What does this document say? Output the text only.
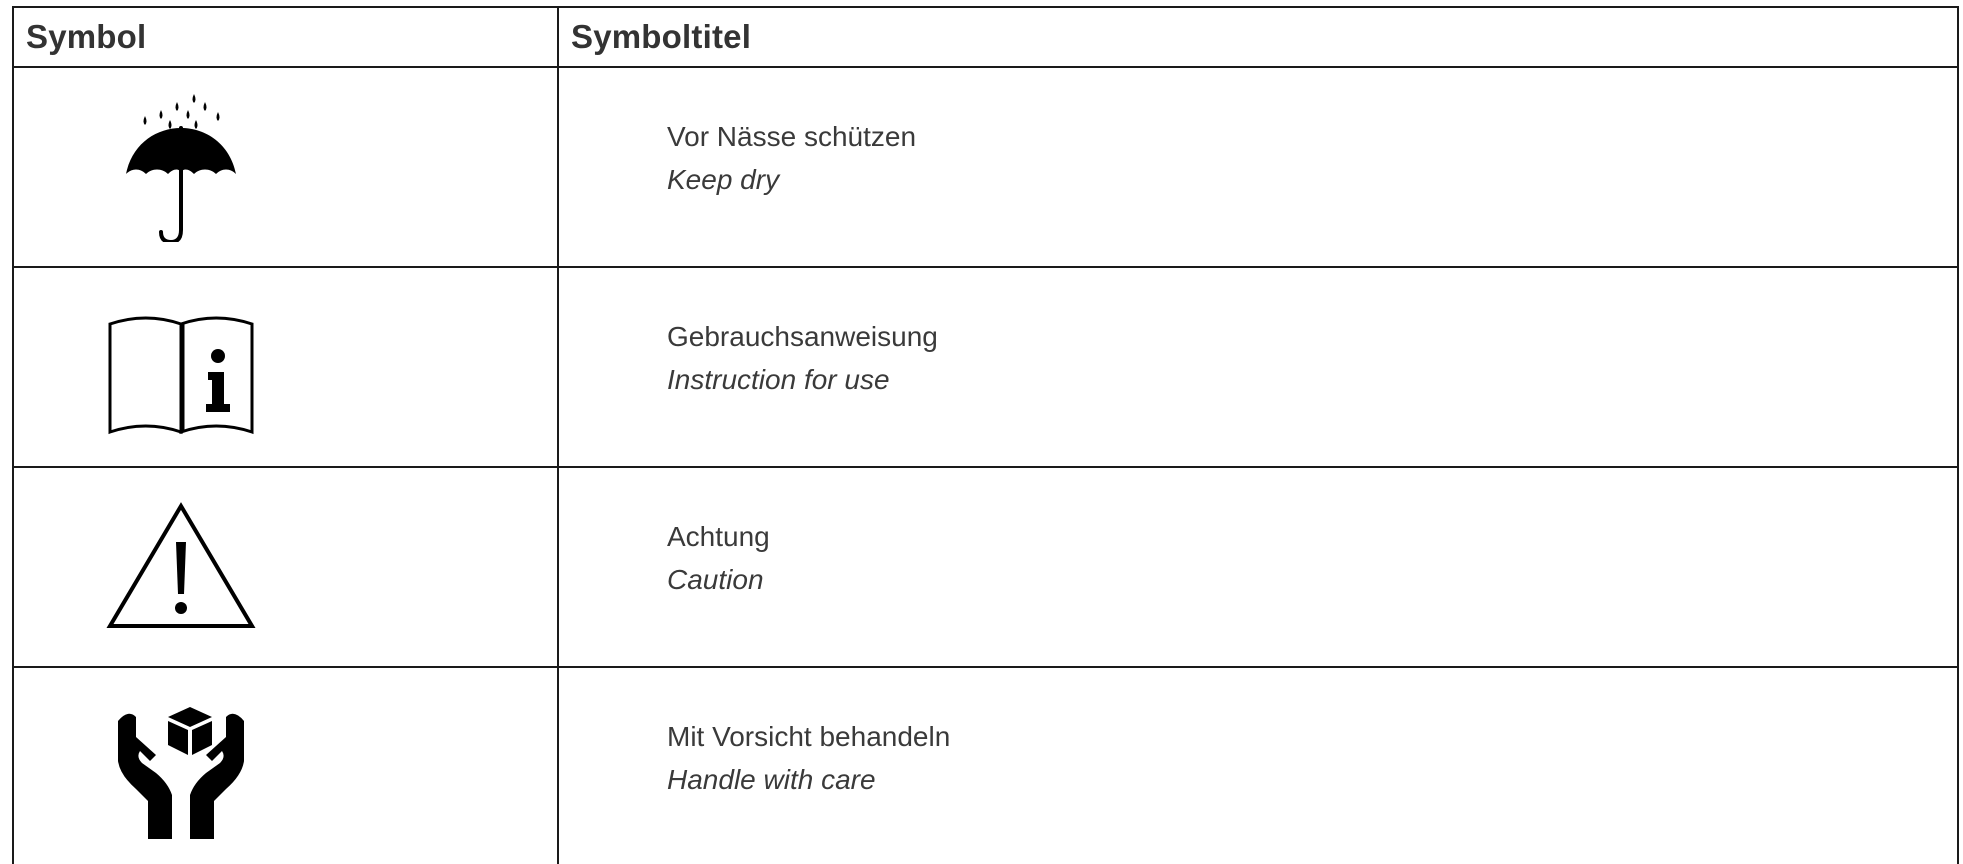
Symbol	Symboltitel

Vor Nässe schützen
Keep dry

Gebrauchsanweisung
Instruction for use

Achtung
Caution

Mit Vorsicht behandeln
Handle with care
